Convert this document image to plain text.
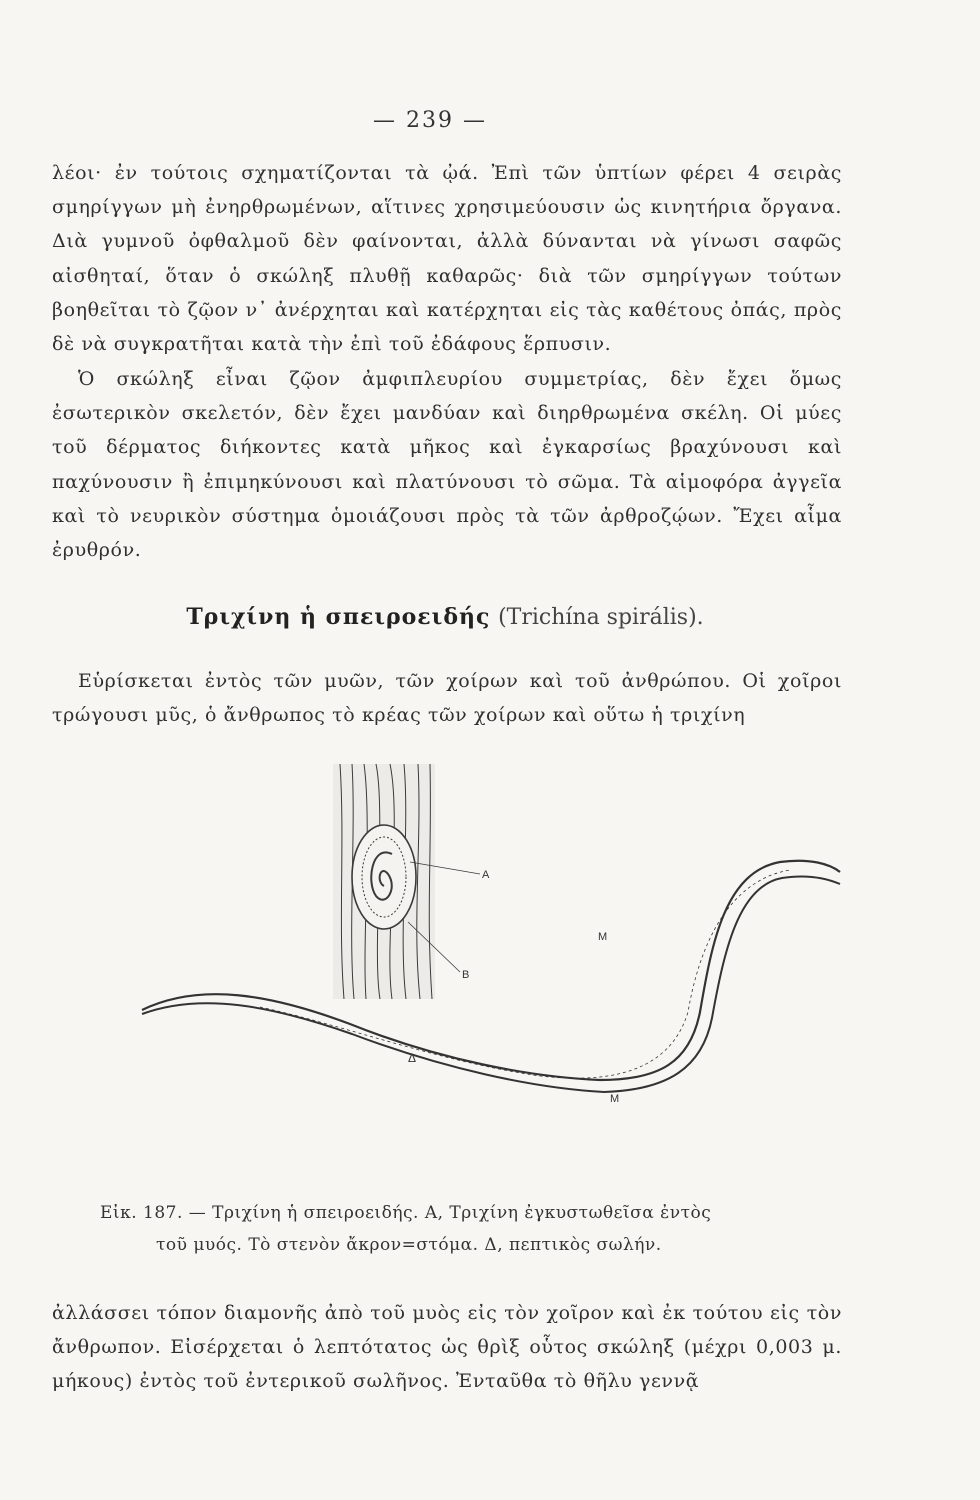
— 239 —

λέοι· ἐν τούτοις σχηματίζονται τὰ ᾠά. Ἐπὶ τῶν ὑπτίων φέρει 4 σειρὰς σμηρίγγων μὴ ἐνηρθρωμένων, αἵτινες χρησιμεύουσιν ὡς κινητήρια ὄργανα. Διὰ γυμνοῦ ὀφθαλμοῦ δὲν φαίνονται, ἀλλὰ δύνανται νὰ γίνωσι σαφῶς αἰσθηταί, ὅταν ὁ σκώληξ πλυθῇ καθαρῶς· διὰ τῶν σμηρίγγων τούτων βοηθεῖται τὸ ζῷον ν᾽ ἀνέρχηται καὶ κατέρχηται εἰς τὰς καθέτους ὀπάς, πρὸς δὲ νὰ συγκρατῆται κατὰ τὴν ἐπὶ τοῦ ἐδάφους ἕρπυσιν.

Ὁ σκώληξ εἶναι ζῷον ἀμφιπλευρίου συμμετρίας, δὲν ἔχει ὅμως ἐσωτερικὸν σκελετόν, δὲν ἔχει μανδύαν καὶ διηρθρωμένα σκέλη. Οἱ μύες τοῦ δέρματος διήκοντες κατὰ μῆκος καὶ ἐγκαρσίως βραχύνουσι καὶ παχύνουσιν ἢ ἐπιμηκύνουσι καὶ πλατύνουσι τὸ σῶμα. Τὰ αἱμοφόρα ἀγγεῖα καὶ τὸ νευρικὸν σύστημα ὁμοιάζουσι πρὸς τὰ τῶν ἀρθροζῴων. Ἔχει αἷμα ἐρυθρόν.

Τριχίνη ἡ σπειροειδής (Trichína spirális).

Εὑρίσκεται ἐντὸς τῶν μυῶν, τῶν χοίρων καὶ τοῦ ἀνθρώπου. Οἱ χοῖροι τρώγουσι μῦς, ὁ ἄνθρωπος τὸ κρέας τῶν χοίρων καὶ οὕτω ἡ τριχίνη

A
B
Δ
M
M
Εἰκ. 187. — Τριχίνη ἡ σπειροειδής. Α, Τριχίνη ἐγκυστωθεῖσα ἐντὸς
τοῦ μυός. Τὸ στενὸν ἄκρον=στόμα. Δ, πεπτικὸς σωλήν.

ἀλλάσσει τόπον διαμονῆς ἀπὸ τοῦ μυὸς εἰς τὸν χοῖρον καὶ ἐκ τούτου εἰς τὸν ἄνθρωπον. Εἰσέρχεται ὁ λεπτότατος ὡς θρὶξ οὗτος σκώληξ (μέχρι 0,003 μ. μήκους) ἐντὸς τοῦ ἐντερικοῦ σωλῆνος. Ἐνταῦθα τὸ θῆλυ γεννᾷ
